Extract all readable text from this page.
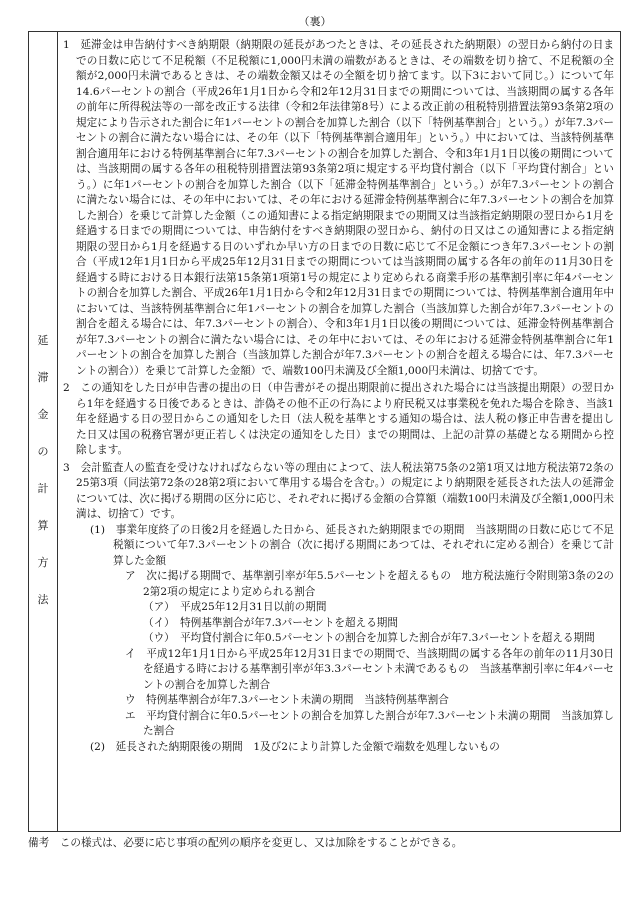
（裏）
延
滞
金
の
計
算
方
法

1　延滞金は申告納付すべき納期限（納期限の延長があつたときは、その延長された納期限）の翌日から納付の日までの日数に応じて不足税額（不足税額に1,000円未満の端数があるときは、その端数を切り捨て、不足税額の全額が2,000円未満であるときは、その端数金額又はその全額を切り捨てます。以下3において同じ。）について年14.6パーセントの割合（平成26年1月1日から令和2年12月31日までの期間については、当該期間の属する各年の前年に所得税法等の一部を改正する法律（令和2年法律第8号）による改正前の租税特別措置法第93条第2項の規定により告示された割合に年1パーセントの割合を加算した割合（以下「特例基準割合」という。）が年7.3パーセントの割合に満たない場合には、その年（以下「特例基準割合適用年」という。）中においては、当該特例基準割合適用年における特例基準割合に年7.3パーセントの割合を加算した割合、令和3年1月1日以後の期間については、当該期間の属する各年の租税特別措置法第93条第2項に規定する平均貸付割合（以下「平均貸付割合」という。）に年1パーセントの割合を加算した割合（以下「延滞金特例基準割合」という。）が年7.3パーセントの割合に満たない場合には、その年中においては、その年における延滞金特例基準割合に年7.3パーセントの割合を加算した割合）を乗じて計算した金額（この通知書による指定納期限までの期間又は当該指定納期限の翌日から1月を経過する日までの期間については、申告納付をすべき納期限の翌日から、納付の日又はこの通知書による指定納期限の翌日から1月を経過する日のいずれか早い方の日までの日数に応じて不足金額につき年7.3パーセントの割合（平成12年1月1日から平成25年12月31日までの期間については当該期間の属する各年の前年の11月30日を経過する時における日本銀行法第15条第1項第1号の規定により定められる商業手形の基準割引率に年4パーセントの割合を加算した割合、平成26年1月1日から令和2年12月31日までの期間については、特例基準割合適用年中においては、当該特例基準割合に年1パーセントの割合を加算した割合（当該加算した割合が年7.3パーセントの割合を超える場合には、年7.3パーセントの割合）、令和3年1月1日以後の期間については、延滞金特例基準割合が年7.3パーセントの割合に満たない場合には、その年中においては、その年における延滞金特例基準割合に年1パーセントの割合を加算した割合（当該加算した割合が年7.3パーセントの割合を超える場合には、年7.3パーセントの割合））を乗じて計算した金額）で、端数100円未満及び全額1,000円未満は、切捨てです。

2　この通知をした日が申告書の提出の日（申告書がその提出期限前に提出された場合には当該提出期限）の翌日から1年を経過する日後であるときは、詐偽その他不正の行為により府民税又は事業税を免れた場合を除き、当該1年を経過する日の翌日からこの通知をした日（法人税を基準とする通知の場合は、法人税の修正申告書を提出した日又は国の税務官署が更正若しくは決定の通知をした日）までの期間は、上記の計算の基礎となる期間から控除します。

3　会計監査人の監査を受けなければならない等の理由によつて、法人税法第75条の2第1項又は地方税法第72条の25第3項（同法第72条の28第2項において準用する場合を含む。）の規定により納期限を延長された法人の延滞金については、次に掲げる期間の区分に応じ、それぞれに掲げる金額の合算額（端数100円未満及び全額1,000円未満は、切捨て）です。

(1)　事業年度終了の日後2月を経過した日から、延長された納期限までの期間　当該期間の日数に応じて不足税額について年7.3パーセントの割合（次に掲げる期間にあつては、それぞれに定める割合）を乗じて計算した金額

ア　次に掲げる期間で、基準割引率が年5.5パーセントを超えるもの　地方税法施行令附則第3条の2の2第2項の規定により定められる割合

（ア）　平成25年12月31日以前の期間

（イ）　特例基準割合が年7.3パーセントを超える期間

（ウ）　平均貸付割合に年0.5パーセントの割合を加算した割合が年7.3パーセントを超える期間

イ　平成12年1月1日から平成25年12月31日までの期間で、当該期間の属する各年の前年の11月30日を経過する時における基準割引率が年3.3パーセント未満であるもの　当該基準割引率に年4パーセントの割合を加算した割合

ウ　特例基準割合が年7.3パーセント未満の期間　当該特例基準割合

エ　平均貸付割合に年0.5パーセントの割合を加算した割合が年7.3パーセント未満の期間　当該加算した割合

(2)　延長された納期限後の期間　1及び2により計算した金額で端数を処理しないもの

備考　この様式は、必要に応じ事項の配列の順序を変更し、又は加除をすることができる。
